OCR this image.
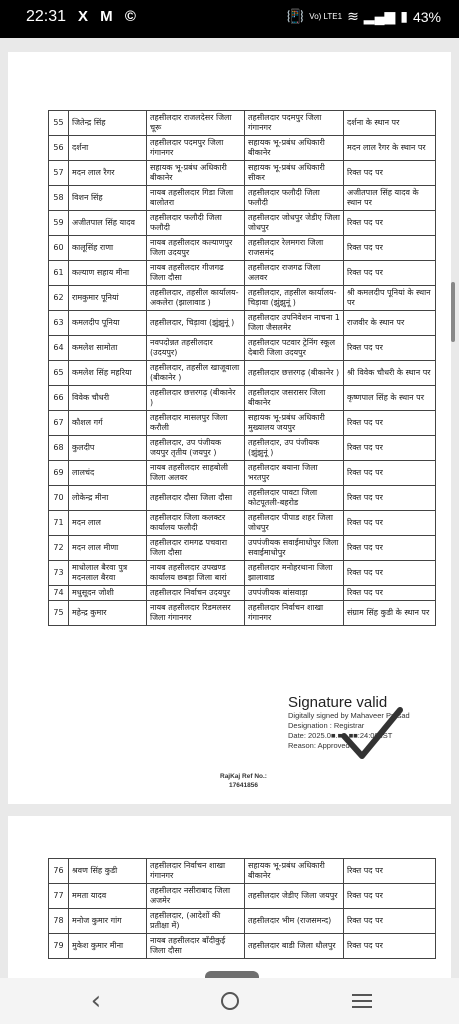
22:31 X M ©	📳 Vo) LTE1 ≋ ▂▄▆ ▮ 43%
55	जितेन्द्र सिंह	तहसीलदार राजलदेसर जिला चूरू	तहसीलदार पदमपुर जिला गंगानगर	दर्शना के स्थान पर
56	दर्शना	तहसीलदार पदमपुर जिला गंगानगर	सहायक भू-प्रबंध अधिकारी बीकानेर	मदन लाल रैगर के स्थान पर
57	मदन लाल रैगर	सहायक भू-प्रबंध अधिकारी बीकानेर	सहायक भू-प्रबंध अधिकारी सीकर	रिक्त पद पर
58	विशन सिंह	नायब तहसीलदार गिडा जिला बालोतरा	तहसीलदार फलौदी जिला फलौदी	अजीतपाल सिंह यादव के स्थान पर
59	अजीतपाल सिंह यादव	तहसीलदार फलौदी जिला फलौदी	तहसीलदार जोधपुर जेडीए जिला जोधपुर	रिक्त पद पर
60	कालूसिंह राणा	नायब तहसीलदार कल्याणपुर जिला उदयपुर	तहसीलदार रेलमगरा जिला राजसमंद	रिक्त पद पर
61	कल्याण सहाय मीना	नायब तहसीलदार गीजगढ जिला दौसा	तहसीलदार राजगढ जिला अलवर	रिक्त पद पर
62	रामकुमार पूनियां	तहसीलदार, तहसील कार्यालय-अकलेरा (झालावाड )	तहसीलदार, तहसील कार्यालय-चिड़ावा (झुंझुनूं )	श्री कमलदीप पूनियां के स्थान पर
63	कमलदीप पूनिया	तहसीलदार, चिड़ावा (झुंझुनूं )	तहसीलदार उपनिवेशन नाचना 1 जिला जैसलमेर	राजवीर के स्थान पर
64	कमलेश सामोता	नवपदोन्नत तहसीलदार (उदयपुर)	तहसीलदार पटवार ट्रेनिंग स्कूल देबारी जिला उदयपुर	रिक्त पद पर
65	कमलेश सिंह महरिया	तहसीलदार, तहसील खाजूवाला (बीकानेर )	तहसीलदार छत्तरगढ़ (बीकानेर )	श्री विवेक चौधरी के स्थान पर
66	विवेक चौधरी	तहसीलदार छत्तरगढ़ (बीकानेर )	तहसीलदार जसरासर जिला बीकानेर	कृष्णपाल सिंह के स्थान पर
67	कौशल गर्ग	तहसीलदार मासलपुर जिला करौली	सहायक भू-प्रबंध अधिकारी मुख्यालय जयपुर	रिक्त पद पर
68	कुलदीप	तहसीलदार, उप पंजीयक जयपुर तृतीय (जयपुर )	तहसीलदार, उप पंजीयक (झुंझुनूं )	रिक्त पद पर
69	लालचंद	नायब तहसीलदार साहबोली जिला अलवर	तहसीलदार बयाना जिला भरतपुर	रिक्त पद पर
70	लोकेन्द्र मीना	तहसीलदार दौसा जिला दौसा	तहसीलदार पावटा जिला कोटपूतली-बहरोड	रिक्त पद पर
71	मदन लाल	तहसीलदार जिला कलक्टर कार्यालय फलौदी	तहसीलदार पीपाड शहर जिला जोधपुर	रिक्त पद पर
72	मदन लाल मीणा	तहसीलदार रामगढ पचवारा जिला दौसा	उपपंजीयक सवाईमाधोपुर जिला सवाईमाधोपुर	रिक्त पद पर
73	माधोलाल बैरवा पुत्र मदनलाल बैरवा	नायब तहसीलदार उपखण्ड कार्यालय छबड़ा जिला बारां	तहसीलदार मनोहरथाना जिला झालावाड	रिक्त पद पर
74	मधुसूदन जोशी	तहसीलदार निर्वाचन उदयपुर	उपपंजीयक बांसवाड़ा	रिक्त पद पर
75	महेन्द्र कुमार	नायब तहसीलदार रिडमलसर जिला गंगानगर	तहसीलदार निर्वाचन शाखा गंगानगर	संग्राम सिंह कुडी के स्थान पर
Signature valid
Digitally signed by Mahaveer Prasad
Designation : Registrar
Date: 2025.0■.■■ ■■:24:00 IST
Reason: Approved
RajKaj Ref No.:
17641856
76	श्रवण सिंह कुडी	तहसीलदार निर्वाचन शाखा गंगानगर	सहायक भू-प्रबंध अधिकारी बीकानेर	रिक्त पद पर
77	ममता यादव	तहसीलदार नसीराबाद जिला अजमेर	तहसीलदार जेडीए जिला जयपुर	रिक्त पद पर
78	मनोज कुमार गांग	तहसीलदार, (आदेशों की प्रतीक्षा में)	तहसीलदार भीम (राजसमन्द)	रिक्त पद पर
79	मुकेश कुमार मीना	नायब तहसीलदार बाँदीकुई जिला दौसा	तहसीलदार बाडी जिला धौलपुर	रिक्त पद पर
‹
